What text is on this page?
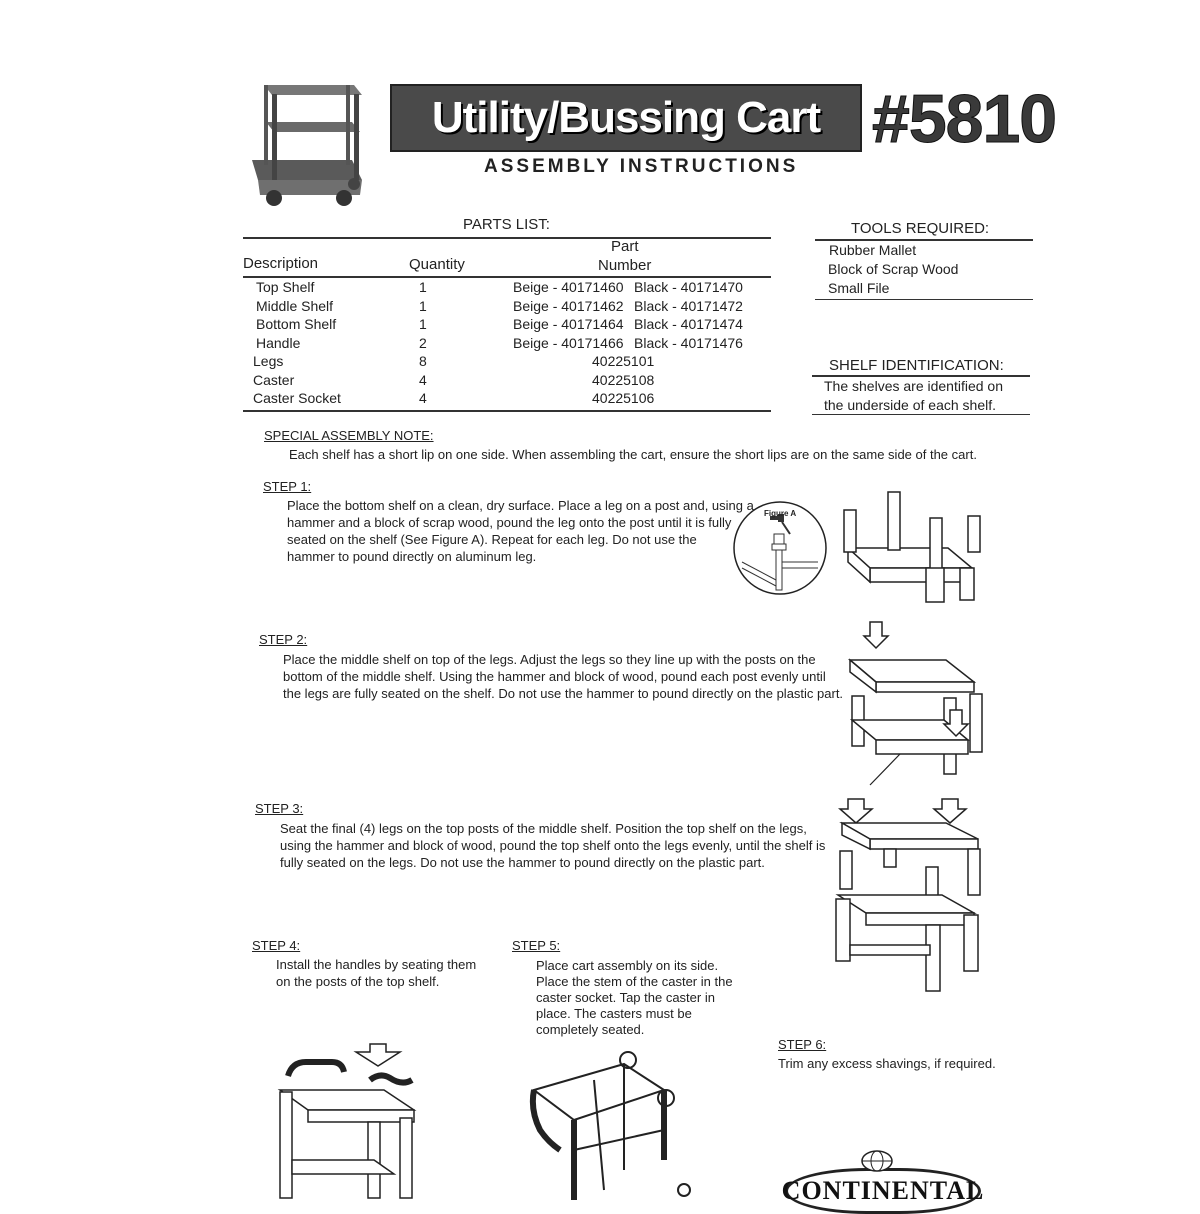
Utility/Bussing Cart #5810
ASSEMBLY INSTRUCTIONS
PARTS LIST:
Part
Description	Quantity	Number
Top Shelf	1	Beige - 40171460	Black - 40171470
Middle Shelf	1	Beige - 40171462	Black - 40171472
Bottom Shelf	1	Beige - 40171464	Black - 40171474
Handle	2	Beige - 40171466	Black - 40171476
Legs	8	40225101	
Caster	4	40225108	
Caster Socket	4	40225106	
TOOLS REQUIRED:
Rubber Mallet
Block of Scrap Wood
Small File
SHELF IDENTIFICATION:
The shelves are identified on
the underside of each shelf.
SPECIAL ASSEMBLY NOTE:
Each shelf has a short lip on one side. When assembling the cart, ensure the short lips are on the same side of the cart.
STEP 1:
Place the bottom shelf on a clean, dry surface. Place a leg on a post and, using a
hammer and a block of scrap wood, pound the leg onto the post until it is fully
seated on the shelf (See Figure A). Repeat for each leg. Do not use the
hammer to pound directly on aluminum leg.
Figure A
STEP 2:
Place the middle shelf on top of the legs. Adjust the legs so they line up with the posts on the
bottom of the middle shelf. Using the hammer and block of wood, pound each post evenly until
the legs are fully seated on the shelf. Do not use the hammer to pound directly on the plastic part.
STEP 3:
Seat the final (4) legs on the top posts of the middle shelf. Position the top shelf on the legs,
using the hammer and block of wood, pound the top shelf onto the legs evenly, until the shelf is
fully seated on the legs. Do not use the hammer to pound directly on the plastic part.
STEP 4:
Install the handles by seating them
on the posts of the top shelf.
STEP 5:
Place cart assembly on its side.
Place the stem of the caster in the
caster socket. Tap the caster in
place. The casters must be
completely seated.
STEP 6:
Trim any excess shavings, if required.
CONTINENTAL
